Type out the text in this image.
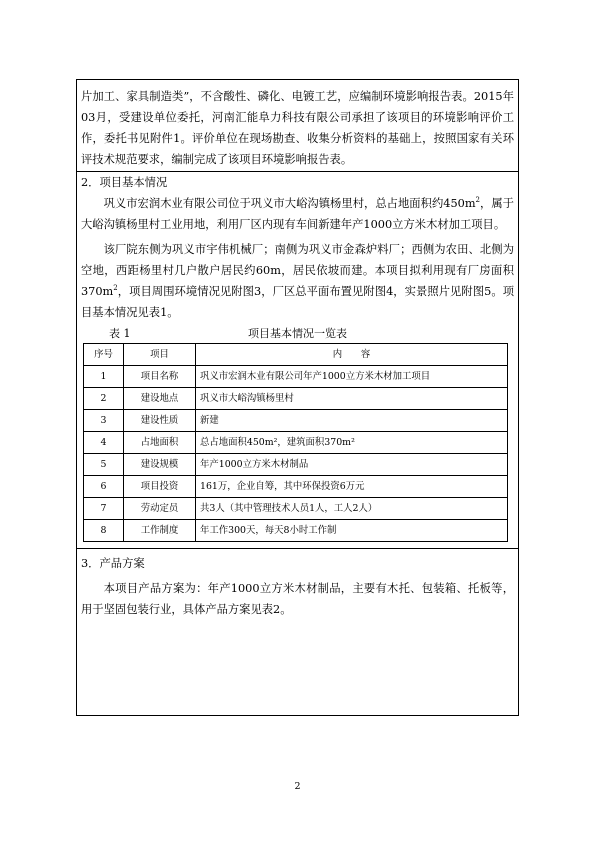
片加工、家具制造类”，不含酸性、磷化、电镀工艺，应编制环境影响报告表。2015年03月，受建设单位委托，河南汇能阜力科技有限公司承担了该项目的环境影响评价工作，委托书见附件1。评价单位在现场勘查、收集分析资料的基础上，按照国家有关环评技术规范要求，编制完成了该项目环境影响报告表。

2．项目基本情况

巩义市宏润木业有限公司位于巩义市大峪沟镇杨里村，总占地面积约$450m^2$，属于大峪沟镇杨里村工业用地，利用厂区内现有车间新建年产1000立方米木材加工项目。

该厂院东侧为巩义市宇伟机械厂；南侧为巩义市金森炉料厂；西侧为农田、北侧为空地，西距杨里村几户散户居民约60m，居民依坡而建。本项目拟利用现有厂房面积$370m^2$，项目周围环境情况见附图3，厂区总平面布置见附图4，实景照片见附图5。项目基本情况见表1。

项目基本情况一览表
表 1
序号	项目	内　　容
1	项目名称	巩义市宏润木业有限公司年产1000立方米木材加工项目
2	建设地点	巩义市大峪沟镇杨里村
3	建设性质	新建
4	占地面积	总占地面积450m²，建筑面积370m²
5	建设规模	年产1000立方米木材制品
6	项目投资	161万，企业自筹，其中环保投资6万元
7	劳动定员	共3人（其中管理技术人员1人，工人2人）
8	工作制度	年工作300天，每天8小时工作制

3．产品方案

本项目产品方案为：年产1000立方米木材制品，主要有木托、包装箱、托板等，用于坚固包装行业，具体产品方案见表2。

2
